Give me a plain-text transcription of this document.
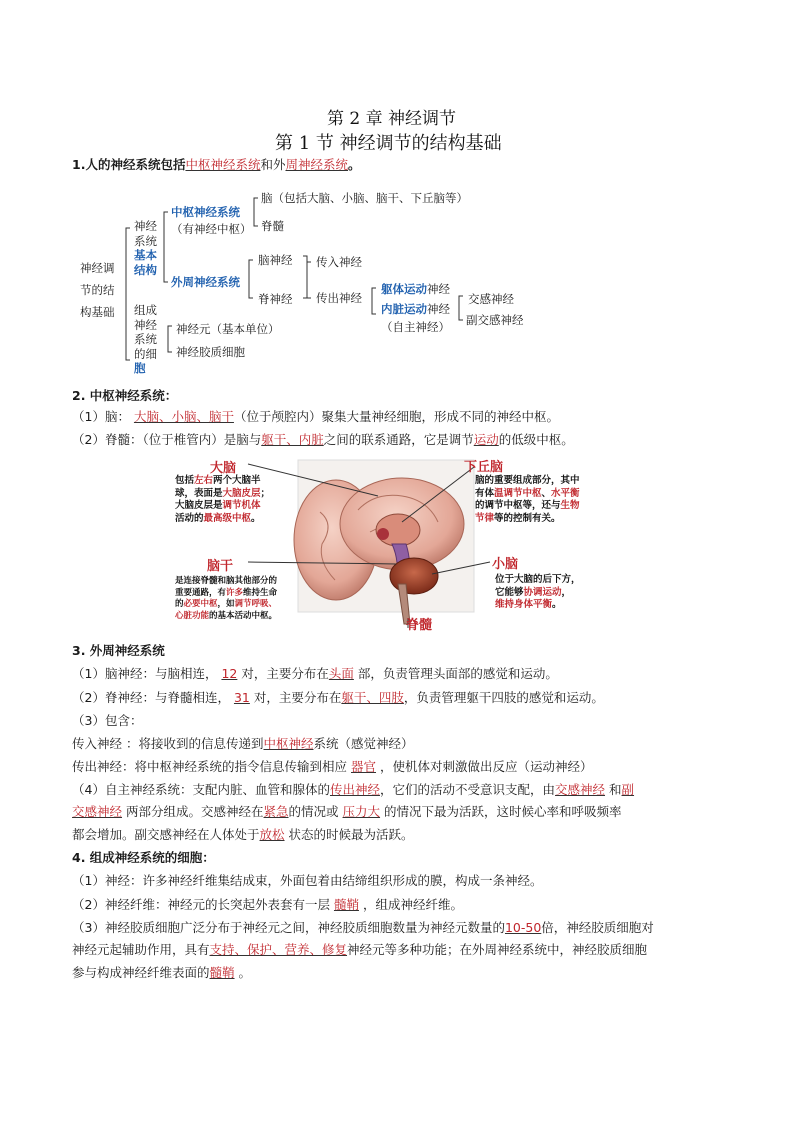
第 2 章 神经调节
第 1 节 神经调节的结构基础
1.人的神经系统包括中枢神经系统和外周神经系统。
神经调
节的结
构基础
神经
系统
基本
结构
组成
神经
系统
的细
胞
中枢神经系统
（有神经中枢）
脑（包括大脑、小脑、脑干、下丘脑等）
脊髓
外周神经系统
脑神经
脊神经
传入神经
传出神经
躯体运动神经
内脏运动神经
（自主神经）
交感神经
副交感神经
神经元（基本单位）
神经胶质细胞
2. 中枢神经系统：
（1）脑： 大脑、小脑、脑干（位于颅腔内）聚集大量神经细胞，形成不同的神经中枢。
（2）脊髓：（位于椎管内）是脑与躯干、内脏之间的联系通路，它是调节运动的低级中枢。
大脑
包括左右两个大脑半
球，表面是大脑皮层；
大脑皮层是调节机体
活动的最高级中枢。
下丘脑
脑的重要组成部分，其中
有体温调节中枢、水平衡
的调节中枢等，还与生物
节律等的控制有关。
脑干
是连接脊髓和脑其他部分的
重要通路，有许多维持生命
的必要中枢，如调节呼吸、
心脏功能的基本活动中枢。
小脑
位于大脑的后下方，
它能够协调运动，
维持身体平衡。
脊髓
3. 外周神经系统
（1）脑神经：与脑相连， 12 对，主要分布在头面 部，负责管理头面部的感觉和运动。
（2）脊神经：与脊髓相连， 31 对，主要分布在躯干、四肢，负责管理躯干四肢的感觉和运动。
（3）包含：
传入神经 ：将接收到的信息传递到中枢神经系统（感觉神经）
传出神经：将中枢神经系统的指令信息传输到相应 器官 ，使机体对刺激做出反应（运动神经）
（4）自主神经系统：支配内脏、血管和腺体的传出神经，它们的活动不受意识支配，由交感神经 和副
交感神经 两部分组成。交感神经在紧急的情况或 压力大 的情况下最为活跃，这时候心率和呼吸频率
都会增加。副交感神经在人体处于放松 状态的时候最为活跃。
4. 组成神经系统的细胞：
（1）神经：许多神经纤维集结成束，外面包着由结缔组织形成的膜，构成一条神经。
（2）神经纤维：神经元的长突起外表套有一层 髓鞘 ，组成神经纤维。
（3）神经胶质细胞广泛分布于神经元之间，神经胶质细胞数量为神经元数量的10-50倍，神经胶质细胞对
神经元起辅助作用，具有支持、保护、营养、修复神经元等多种功能；在外周神经系统中，神经胶质细胞
参与构成神经纤维表面的髓鞘 。
